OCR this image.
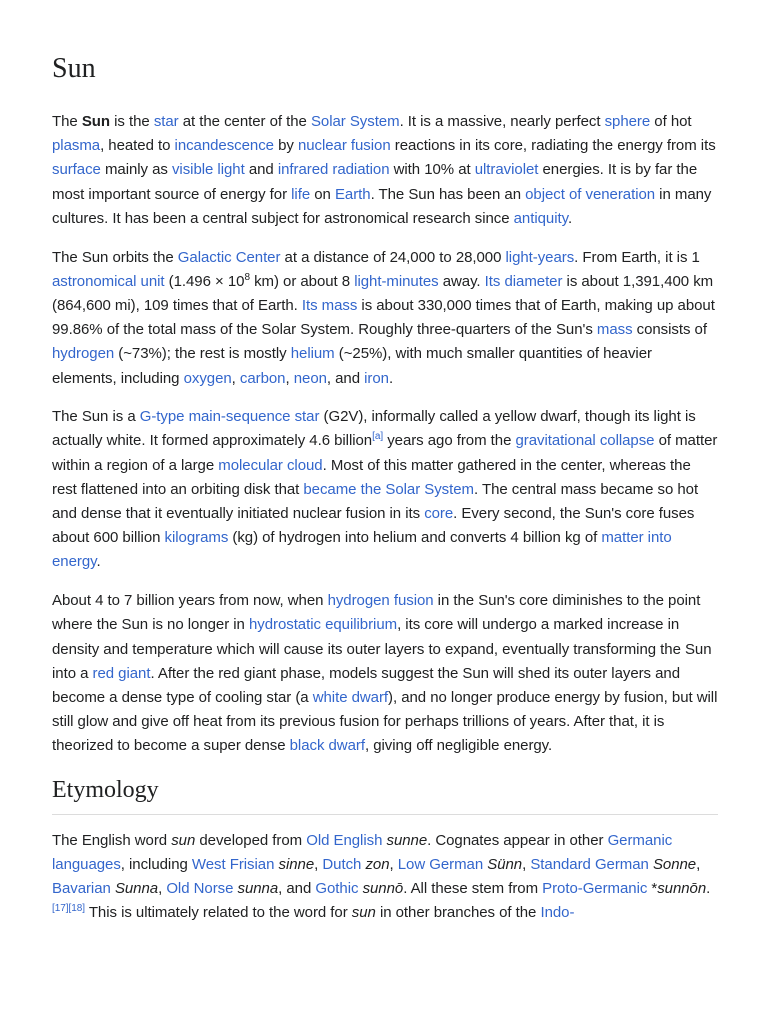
Sun

The Sun is the star at the center of the Solar System. It is a massive, nearly perfect sphere of hot plasma, heated to incandescence by nuclear fusion reactions in its core, radiating the energy from its surface mainly as visible light and infrared radiation with 10% at ultraviolet energies. It is by far the most important source of energy for life on Earth. The Sun has been an object of veneration in many cultures. It has been a central subject for astronomical research since antiquity.

The Sun orbits the Galactic Center at a distance of 24,000 to 28,000 light-years. From Earth, it is 1 astronomical unit ($1.496 \times 10^8$ km) or about 8 light-minutes away. Its diameter is about 1,391,400 km (864,600 mi), 109 times that of Earth. Its mass is about 330,000 times that of Earth, making up about 99.86% of the total mass of the Solar System. Roughly three-quarters of the Sun's mass consists of hydrogen (~73%); the rest is mostly helium (~25%), with much smaller quantities of heavier elements, including oxygen, carbon, neon, and iron.

The Sun is a G-type main-sequence star (G2V), informally called a yellow dwarf, though its light is actually white. It formed approximately 4.6 billion[a] years ago from the gravitational collapse of matter within a region of a large molecular cloud. Most of this matter gathered in the center, whereas the rest flattened into an orbiting disk that became the Solar System. The central mass became so hot and dense that it eventually initiated nuclear fusion in its core. Every second, the Sun's core fuses about 600 billion kilograms (kg) of hydrogen into helium and converts 4 billion kg of matter into energy.

About 4 to 7 billion years from now, when hydrogen fusion in the Sun's core diminishes to the point where the Sun is no longer in hydrostatic equilibrium, its core will undergo a marked increase in density and temperature which will cause its outer layers to expand, eventually transforming the Sun into a red giant. After the red giant phase, models suggest the Sun will shed its outer layers and become a dense type of cooling star (a white dwarf), and no longer produce energy by fusion, but will still glow and give off heat from its previous fusion for perhaps trillions of years. After that, it is theorized to become a super dense black dwarf, giving off negligible energy.

Etymology

The English word sun developed from Old English sunne. Cognates appear in other Germanic languages, including West Frisian sinne, Dutch zon, Low German Sünn, Standard German Sonne, Bavarian Sunna, Old Norse sunna, and Gothic sunnō. All these stem from Proto-Germanic *sunnōn.[17][18] This is ultimately related to the word for sun in other branches of the Indo-
